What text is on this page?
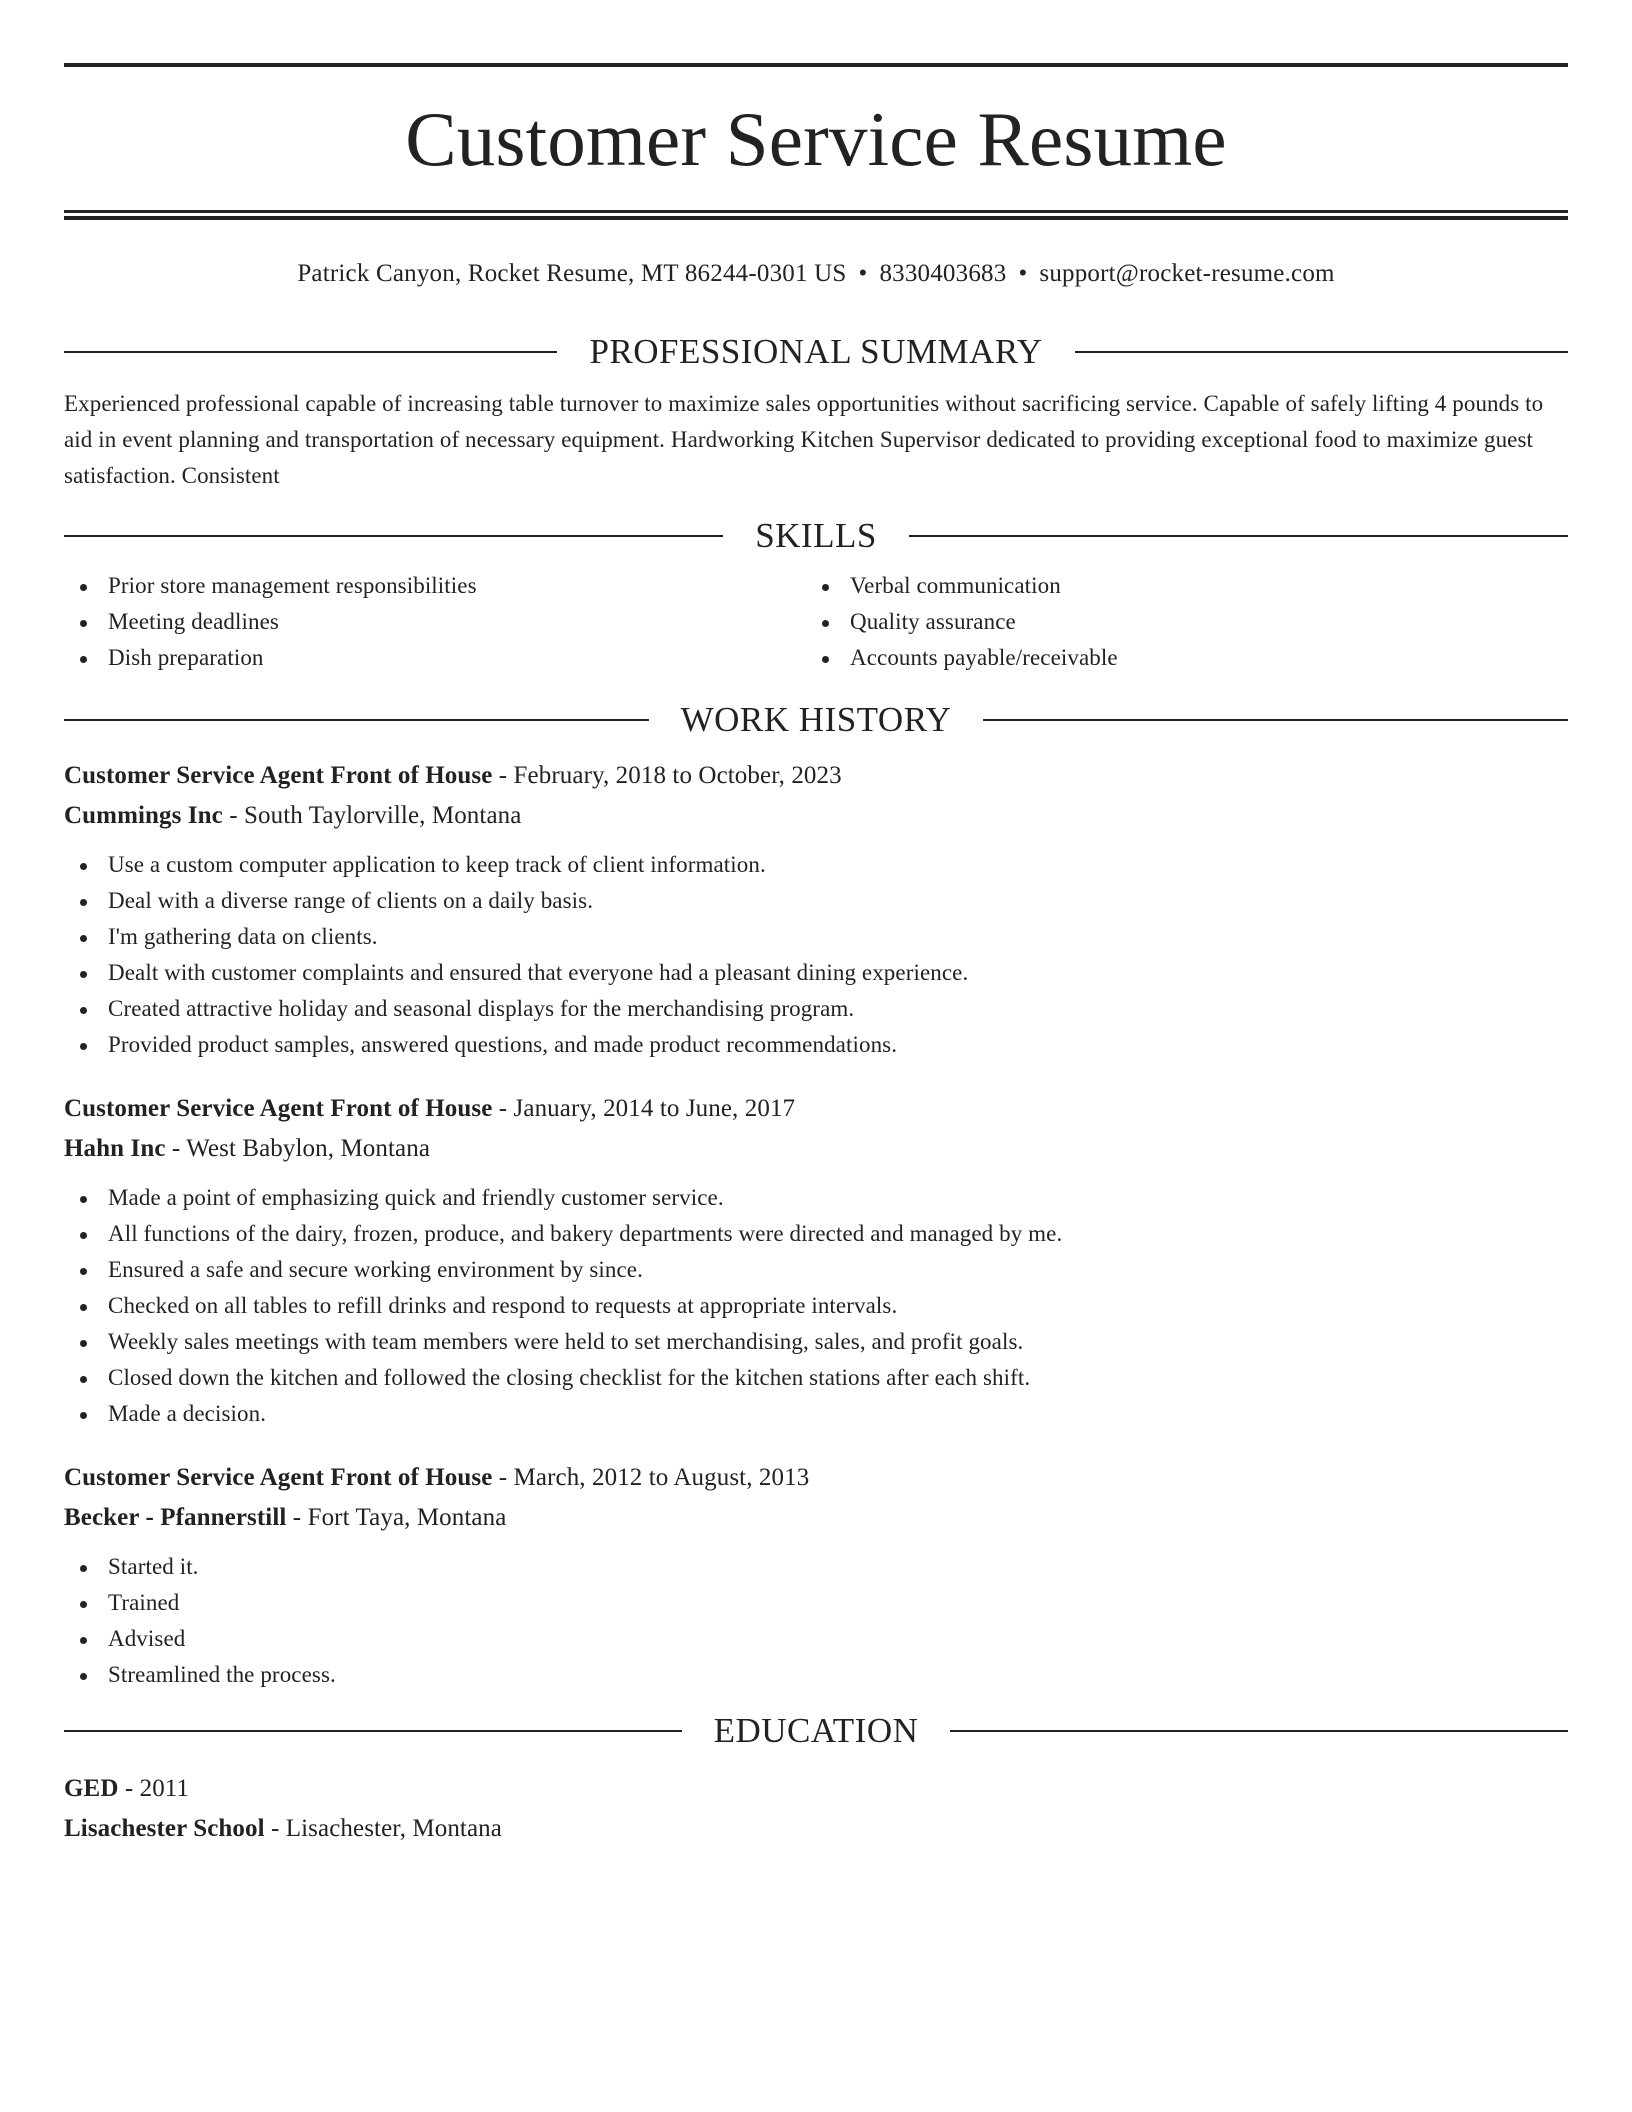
Customer Service Resume
Patrick Canyon, Rocket Resume, MT 86244-0301 US • 8330403683 • support@rocket-resume.com
PROFESSIONAL SUMMARY
Experienced professional capable of increasing table turnover to maximize sales opportunities without sacrificing service. Capable of safely lifting 4 pounds to aid in event planning and transportation of necessary equipment. Hardworking Kitchen Supervisor dedicated to providing exceptional food to maximize guest satisfaction. Consistent
SKILLS
Prior store management responsibilities
Meeting deadlines
Dish preparation
Verbal communication
Quality assurance
Accounts payable/receivable
WORK HISTORY
Customer Service Agent Front of House - February, 2018 to October, 2023
Cummings Inc - South Taylorville, Montana
Use a custom computer application to keep track of client information.
Deal with a diverse range of clients on a daily basis.
I'm gathering data on clients.
Dealt with customer complaints and ensured that everyone had a pleasant dining experience.
Created attractive holiday and seasonal displays for the merchandising program.
Provided product samples, answered questions, and made product recommendations.
Customer Service Agent Front of House - January, 2014 to June, 2017
Hahn Inc - West Babylon, Montana
Made a point of emphasizing quick and friendly customer service.
All functions of the dairy, frozen, produce, and bakery departments were directed and managed by me.
Ensured a safe and secure working environment by since.
Checked on all tables to refill drinks and respond to requests at appropriate intervals.
Weekly sales meetings with team members were held to set merchandising, sales, and profit goals.
Closed down the kitchen and followed the closing checklist for the kitchen stations after each shift.
Made a decision.
Customer Service Agent Front of House - March, 2012 to August, 2013
Becker - Pfannerstill - Fort Taya, Montana
Started it.
Trained
Advised
Streamlined the process.
EDUCATION
GED - 2011
Lisachester School - Lisachester, Montana
